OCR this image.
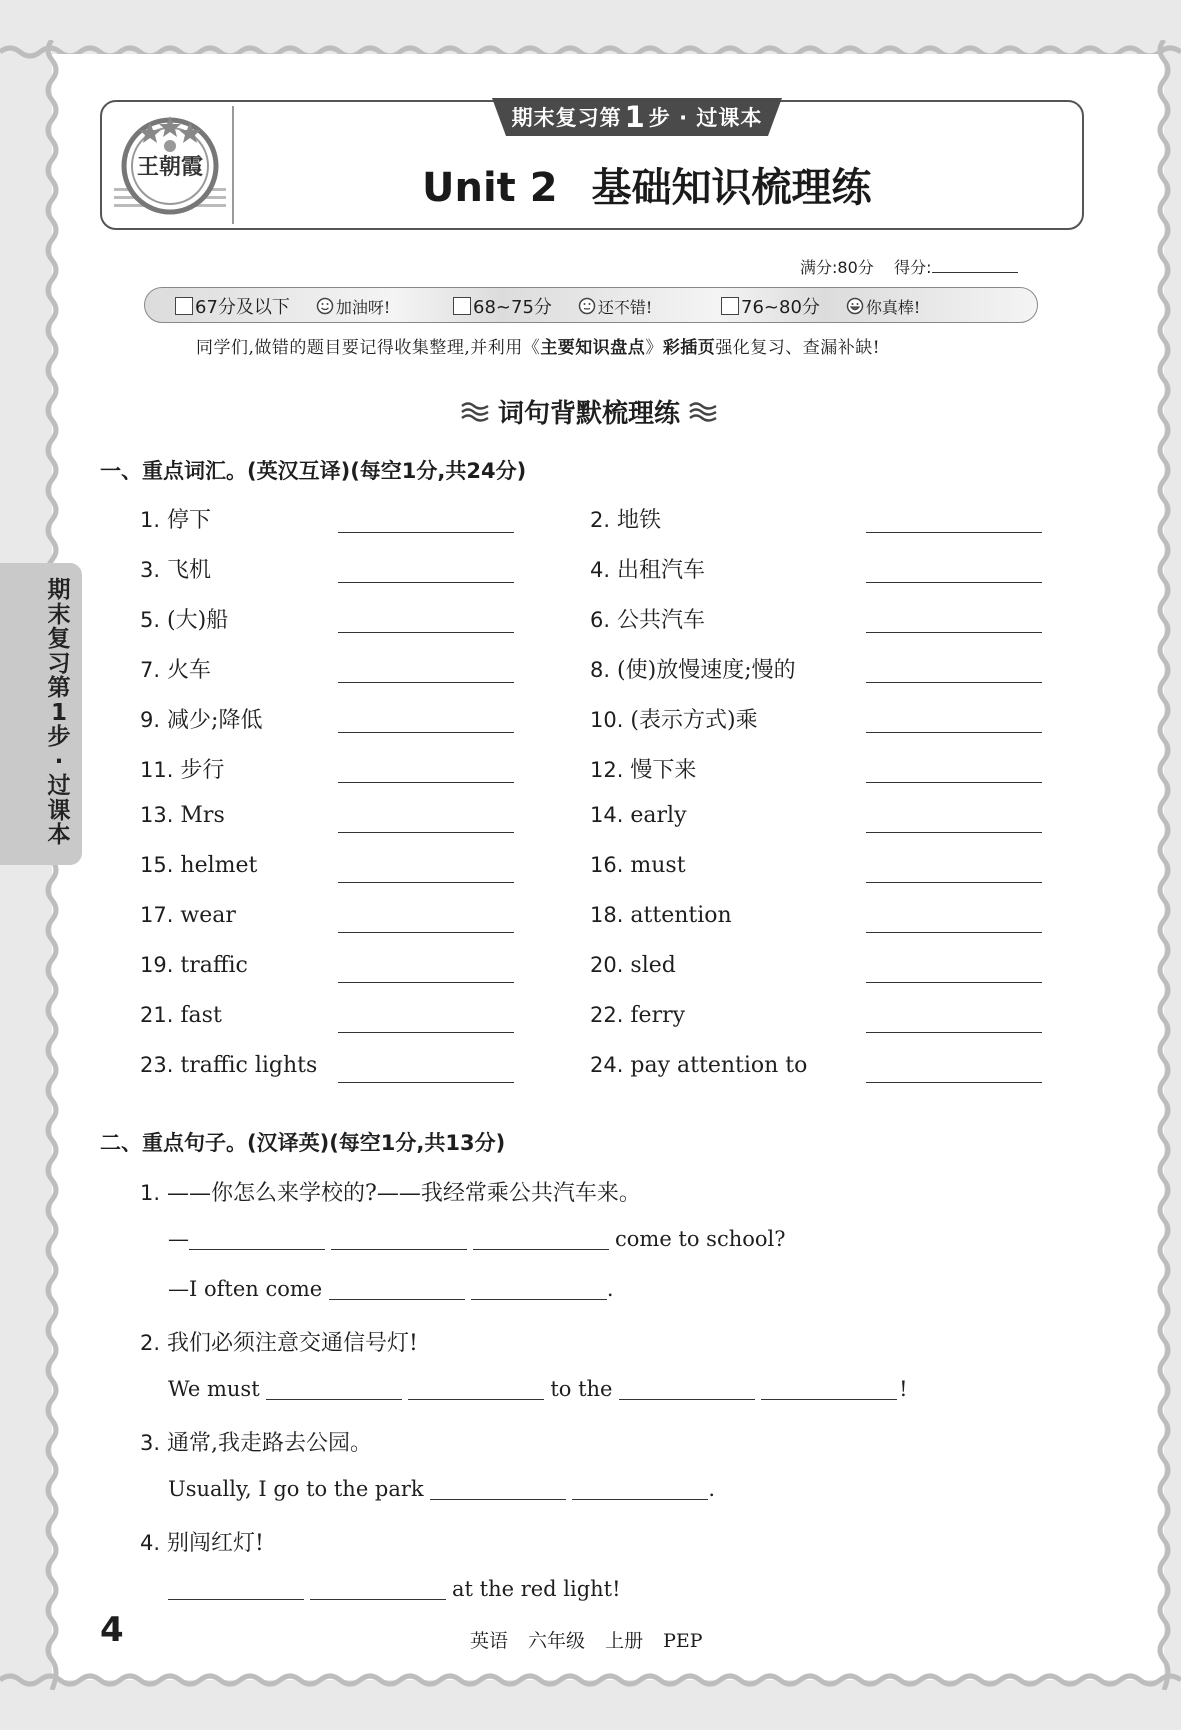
王朝霞
期末复习第 1 步 · 过课本
Unit 2 基础知识梳理练
满分:80分 得分:
67分及以下	加油呀!	68~75分	还不错!	76~80分	你真棒!
同学们,做错的题目要记得收集整理,并利用《主要知识盘点》彩插页强化复习、查漏补缺!
词句背默梳理练
一、重点词汇。(英汉互译)(每空1分,共24分)
1. 停下	2. 地铁
3. 飞机	4. 出租汽车
5. (大)船	6. 公共汽车
7. 火车	8. (使)放慢速度;慢的
9. 减少;降低	10. (表示方式)乘
11. 步行	12. 慢下来
13. Mrs	14. early
15. helmet	16. must
17. wear	18. attention
19. traffic	20. sled
21. fast	22. ferry
23. traffic lights	24. pay attention to
二、重点句子。(汉译英)(每空1分,共13分)
1. ——你怎么来学校的?——我经常乘公共汽车来。
—	come to school?
—I often come	.
2. 我们必须注意交通信号灯!
We must	to the	!
3. 通常,我走路去公园。
Usually, I go to the park	.
4. 别闯红灯!
at the red light!
期末复习第1步·过课本
4	英语 六年级 上册 PEP
